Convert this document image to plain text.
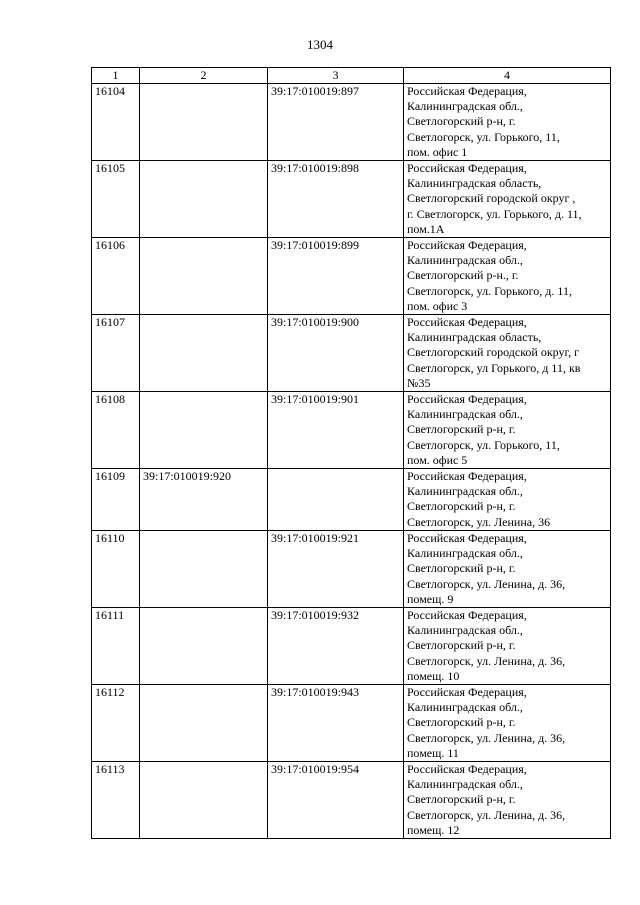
1304
1	2	3	4
16104		39:17:010019:897	Российская Федерация,
Калининградская обл.,
Светлогорский р-н, г.
Светлогорск, ул. Горького, 11,
пом. офис 1

16105		39:17:010019:898	Российская Федерация,
Калининградская область,
Светлогорский городской округ ,
г. Светлогорск, ул. Горького, д. 11,
пом.1А

16106		39:17:010019:899	Российская Федерация,
Калининградская обл.,
Светлогорский р-н., г.
Светлогорск, ул. Горького, д. 11,
пом. офис 3

16107		39:17:010019:900	Российская Федерация,
Калининградская область,
Светлогорский городской округ, г
Светлогорск, ул Горького, д 11, кв
№35

16108		39:17:010019:901	Российская Федерация,
Калининградская обл.,
Светлогорский р-н, г.
Светлогорск, ул. Горького, 11,
пом. офис 5

16109	39:17:010019:920		Российская Федерация,
Калининградская обл.,
Светлогорский р-н, г.
Светлогорск, ул. Ленина, 36

16110		39:17:010019:921	Российская Федерация,
Калининградская обл.,
Светлогорский р-н, г.
Светлогорск, ул. Ленина, д. 36,
помещ. 9

16111		39:17:010019:932	Российская Федерация,
Калининградская обл.,
Светлогорский р-н, г.
Светлогорск, ул. Ленина, д. 36,
помещ. 10

16112		39:17:010019:943	Российская Федерация,
Калининградская обл.,
Светлогорский р-н, г.
Светлогорск, ул. Ленина, д. 36,
помещ. 11

16113		39:17:010019:954	Российская Федерация,
Калининградская обл.,
Светлогорский р-н, г.
Светлогорск, ул. Ленина, д. 36,
помещ. 12
